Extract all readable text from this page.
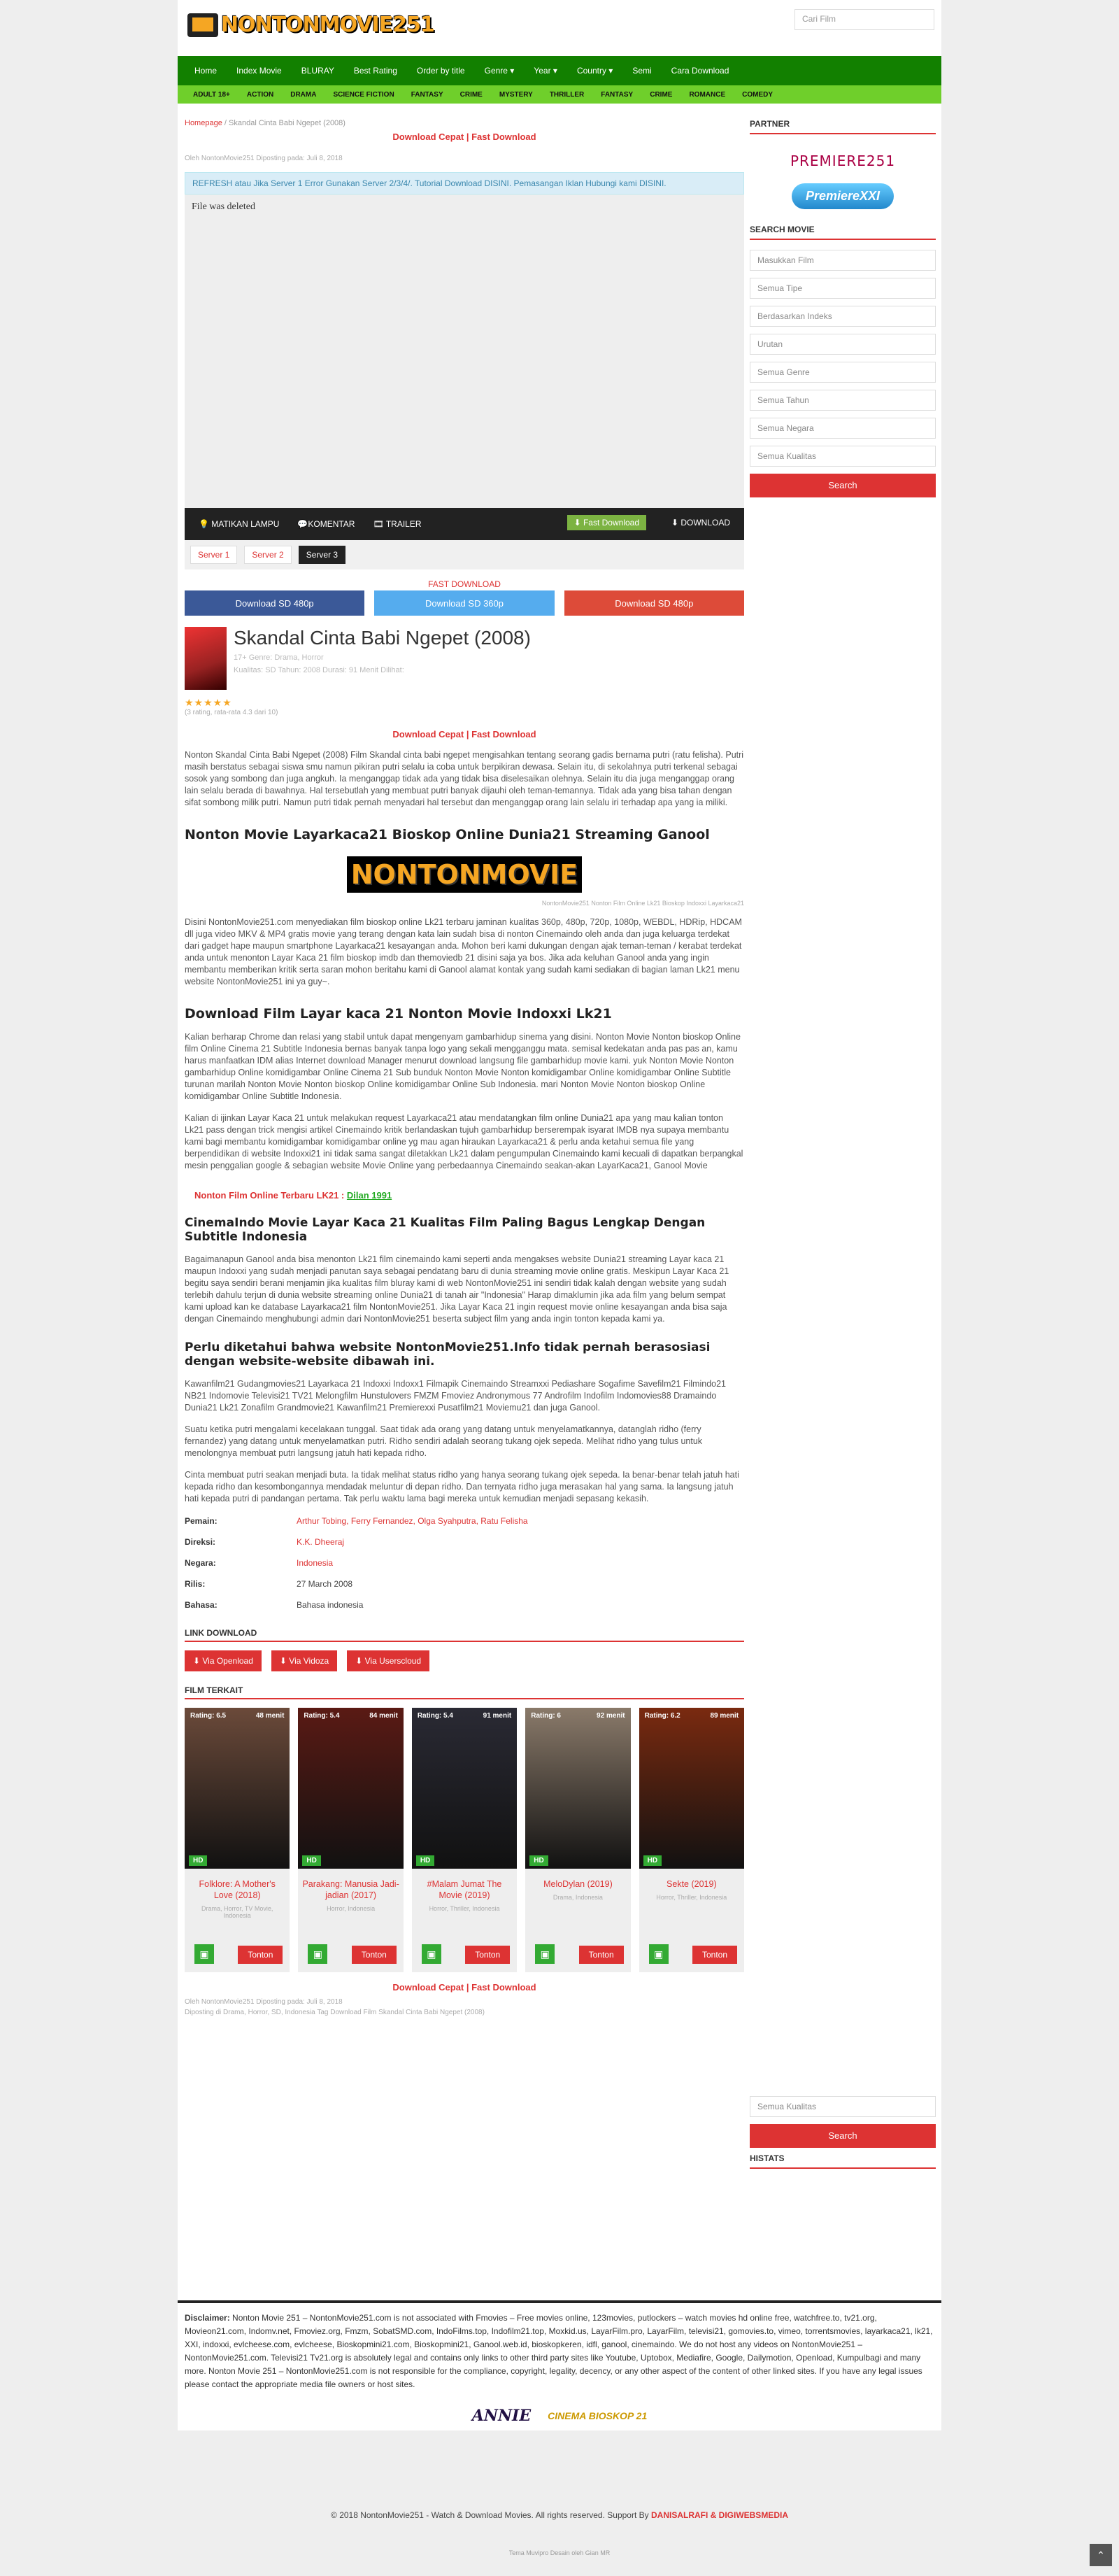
NONTONMOVIE251	Cari Film
Home	Index Movie	BLURAY	Best Rating	Order by title	Genre ▾	Year ▾	Country ▾	Semi	Cara Download
ADULT 18+	ACTION	DRAMA	SCIENCE FICTION	FANTASY	CRIME	MYSTERY	THRILLER	FANTASY	CRIME	ROMANCE	COMEDY
Homepage / Skandal Cinta Babi Ngepet (2008)
Download Cepat | Fast Download
Oleh NontonMovie251 Diposting pada: Juli 8, 2018
REFRESH atau Jika Server 1 Error Gunakan Server 2/3/4/. Tutorial Download DISINI. Pemasangan Iklan Hubungi kami DISINI.
File was deleted
💡 MATIKAN LAMPU 💬KOMENTAR 🎞 TRAILER	⬇ Fast Download	⬇ DOWNLOAD
Server 1	Server 2	Server 3
FAST DOWNLOAD
Download SD 480p	Download SD 360p	Download SD 480p
Skandal Cinta Babi Ngepet (2008)
17+ Genre: Drama, Horror
Kualitas: SD Tahun: 2008 Durasi: 91 Menit Dilihat:
★★★★★
(3 rating, rata-rata 4.3 dari 10)
Download Cepat | Fast Download
Nonton Skandal Cinta Babi Ngepet (2008) Film Skandal cinta babi ngepet mengisahkan tentang seorang gadis bernama putri (ratu felisha). Putri masih berstatus sebagai siswa smu namun pikiran putri selalu ia coba untuk berpikiran dewasa. Selain itu, di sekolahnya putri terkenal sebagai sosok yang sombong dan juga angkuh. Ia menganggap tidak ada yang tidak bisa diselesaikan olehnya. Selain itu dia juga menganggap orang lain selalu berada di bawahnya. Hal tersebutlah yang membuat putri banyak dijauhi oleh teman-temannya. Tidak ada yang bisa tahan dengan sifat sombong milik putri. Namun putri tidak pernah menyadari hal tersebut dan menganggap orang lain selalu iri terhadap apa yang ia miliki.
Nonton Movie Layarkaca21 Bioskop Online Dunia21 Streaming Ganool
NONTONMOVIE
NontonMovie251 Nonton Film Online Lk21 Bioskop Indoxxi Layarkaca21
Disini NontonMovie251.com menyediakan film bioskop online Lk21 terbaru jaminan kualitas 360p, 480p, 720p, 1080p, WEBDL, HDRip, HDCAM dll juga video MKV & MP4 gratis movie yang terang dengan kata lain sudah bisa di nonton Cinemaindo oleh anda dan juga keluarga terdekat dari gadget hape maupun smartphone Layarkaca21 kesayangan anda. Mohon beri kami dukungan dengan ajak teman-teman / kerabat terdekat anda untuk menonton Layar Kaca 21 film bioskop imdb dan themoviedb 21 disini saja ya bos. Jika ada keluhan Ganool anda yang ingin membantu memberikan kritik serta saran mohon beritahu kami di Ganool alamat kontak yang sudah kami sediakan di bagian laman Lk21 menu website NontonMovie251 ini ya guy~.
Download Film Layar kaca 21 Nonton Movie Indoxxi Lk21
Kalian berharap Chrome dan relasi yang stabil untuk dapat mengenyam gambarhidup sinema yang disini. Nonton Movie Nonton bioskop Online film Online Cinema 21 Subtitle Indonesia bernas banyak tanpa logo yang sekali mengganggu mata. semisal kedekatan anda pas pas an, kamu harus manfaatkan IDM alias Internet download Manager menurut download langsung file gambarhidup movie kami. yuk Nonton Movie Nonton gambarhidup Online komidigambar Online Cinema 21 Sub bunduk Nonton Movie Nonton komidigambar Online komidigambar Online Subtitle turunan marilah Nonton Movie Nonton bioskop Online komidigambar Online Sub Indonesia. mari Nonton Movie Nonton bioskop Online komidigambar Online Subtitle Indonesia.
Kalian di ijinkan Layar Kaca 21 untuk melakukan request Layarkaca21 atau mendatangkan film online Dunia21 apa yang mau kalian tonton Lk21 pass dengan trick mengisi artikel Cinemaindo kritik berlandaskan tujuh gambarhidup berserempak isyarat IMDB nya supaya membantu kami bagi membantu komidigambar komidigambar online yg mau agan hiraukan Layarkaca21 & perlu anda ketahui semua file yang berpendidikan di website Indoxxi21 ini tidak sama sangat diletakkan Lk21 dalam pengumpulan Cinemaindo kami kecuali di dapatkan berpangkal mesin penggalian google & sebagian website Movie Online yang perbedaannya Cinemaindo seakan-akan LayarKaca21, Ganool Movie
Nonton Film Online Terbaru LK21 : Dilan 1991
CinemaIndo Movie Layar Kaca 21 Kualitas Film Paling Bagus Lengkap Dengan Subtitle Indonesia
Bagaimanapun Ganool anda bisa menonton Lk21 film cinemaindo kami seperti anda mengakses website Dunia21 streaming Layar kaca 21 maupun Indoxxi yang sudah menjadi panutan saya sebagai pendatang baru di dunia streaming movie online gratis. Meskipun Layar Kaca 21 begitu saya sendiri berani menjamin jika kualitas film bluray kami di web NontonMovie251 ini sendiri tidak kalah dengan website yang sudah terlebih dahulu terjun di dunia website streaming online Dunia21 di tanah air "Indonesia" Harap dimaklumin jika ada film yang belum sempat kami upload kan ke database Layarkaca21 film NontonMovie251. Jika Layar Kaca 21 ingin request movie online kesayangan anda bisa saja dengan Cinemaindo menghubungi admin dari NontonMovie251 beserta subject film yang anda ingin tonton kepada kami ya.
Perlu diketahui bahwa website NontonMovie251.Info tidak pernah berasosiasi dengan website-website dibawah ini.
Kawanfilm21 Gudangmovies21 Layarkaca 21 Indoxxi Indoxx1 Filmapik Cinemaindo Streamxxi Pediashare Sogafime Savefilm21 Filmindo21 NB21 Indomovie Televisi21 TV21 Melongfilm Hunstulovers FMZM Fmoviez Andronymous 77 Androfilm Indofilm Indomovies88 Dramaindo Dunia21 Lk21 Zonafilm Grandmovie21 Kawanfilm21 Premierexxi Pusatfilm21 Moviemu21 dan juga Ganool.
Suatu ketika putri mengalami kecelakaan tunggal. Saat tidak ada orang yang datang untuk menyelamatkannya, datanglah ridho (ferry fernandez) yang datang untuk menyelamatkan putri. Ridho sendiri adalah seorang tukang ojek sepeda. Melihat ridho yang tulus untuk menolongnya membuat putri langsung jatuh hati kepada ridho.
Cinta membuat putri seakan menjadi buta. Ia tidak melihat status ridho yang hanya seorang tukang ojek sepeda. Ia benar-benar telah jatuh hati kepada ridho dan kesombongannya mendadak meluntur di depan ridho. Dan ternyata ridho juga merasakan hal yang sama. Ia langsung jatuh hati kepada putri di pandangan pertama. Tak perlu waktu lama bagi mereka untuk kemudian menjadi sepasang kekasih.
Pemain:	Arthur Tobing, Ferry Fernandez, Olga Syahputra, Ratu Felisha
Direksi:	K.K. Dheeraj
Negara:	Indonesia
Rilis:	27 March 2008
Bahasa:	Bahasa indonesia
LINK DOWNLOAD
⬇ Via Openload	⬇ Via Vidoza	⬇ Via Userscloud
FILM TERKAIT
Rating: 6.5	48 menit
HD
Folklore: A Mother's Love (2018)
Drama, Horror, TV Movie, Indonesia
▣	Tonton
Rating: 5.4	84 menit
HD
Parakang: Manusia Jadi-jadian (2017)
Horror, Indonesia
▣	Tonton
Rating: 5.4	91 menit
HD
#Malam Jumat The Movie (2019)
Horror, Thriller, Indonesia
▣	Tonton
Rating: 6	92 menit
HD
MeloDylan (2019)
Drama, Indonesia
▣	Tonton
Rating: 6.2	89 menit
HD
Sekte (2019)
Horror, Thriller, Indonesia
▣	Tonton
Download Cepat | Fast Download
Oleh NontonMovie251 Diposting pada: Juli 8, 2018
Diposting di Drama, Horror, SD, Indonesia Tag Download Film Skandal Cinta Babi Ngepet (2008)
PARTNER
PREMIERE251
PremiereXXI
SEARCH MOVIE
Masukkan Film
Semua Tipe
Berdasarkan Indeks
Urutan
Semua Genre
Semua Tahun
Semua Negara
Semua Kualitas
Search
Semua Kualitas
Search
HISTATS
Disclaimer: Nonton Movie 251 – NontonMovie251.com is not associated with Fmovies – Free movies online, 123movies, putlockers – watch movies hd online free, watchfree.to, tv21.org, Movieon21.com, Indomv.net, Fmoviez.org, Fmzm, SobatSMD.com, IndoFilms.top, Indofilm21.top, Moxkid.us, LayarFilm.pro, LayarFilm, televisi21, gomovies.to, vimeo, torrentsmovies, layarkaca21, lk21, XXI, indoxxi, evlcheese.com, evlcheese, Bioskopmini21.com, Bioskopmini21, Ganool.web.id, bioskopkeren, idfl, ganool, cinemaindo. We do not host any videos on NontonMovie251 – NontonMovie251.com. Televisi21 Tv21.org is absolutely legal and contains only links to other third party sites like Youtube, Uptobox, Mediafire, Google, Dailymotion, Openload, Kumpulbagi and many more. Nonton Movie 251 – NontonMovie251.com is not responsible for the compliance, copyright, legality, decency, or any other aspect of the content of other linked sites. If you have any legal issues please contact the appropriate media file owners or host sites.
ANNIE CINEMA BIOSKOP 21
© 2018 NontonMovie251 - Watch & Download Movies. All rights reserved. Support By DANISALRAFI & DIGIWEBSMEDIA
Tema Muvipro Desain oleh Gian MR	⌃
